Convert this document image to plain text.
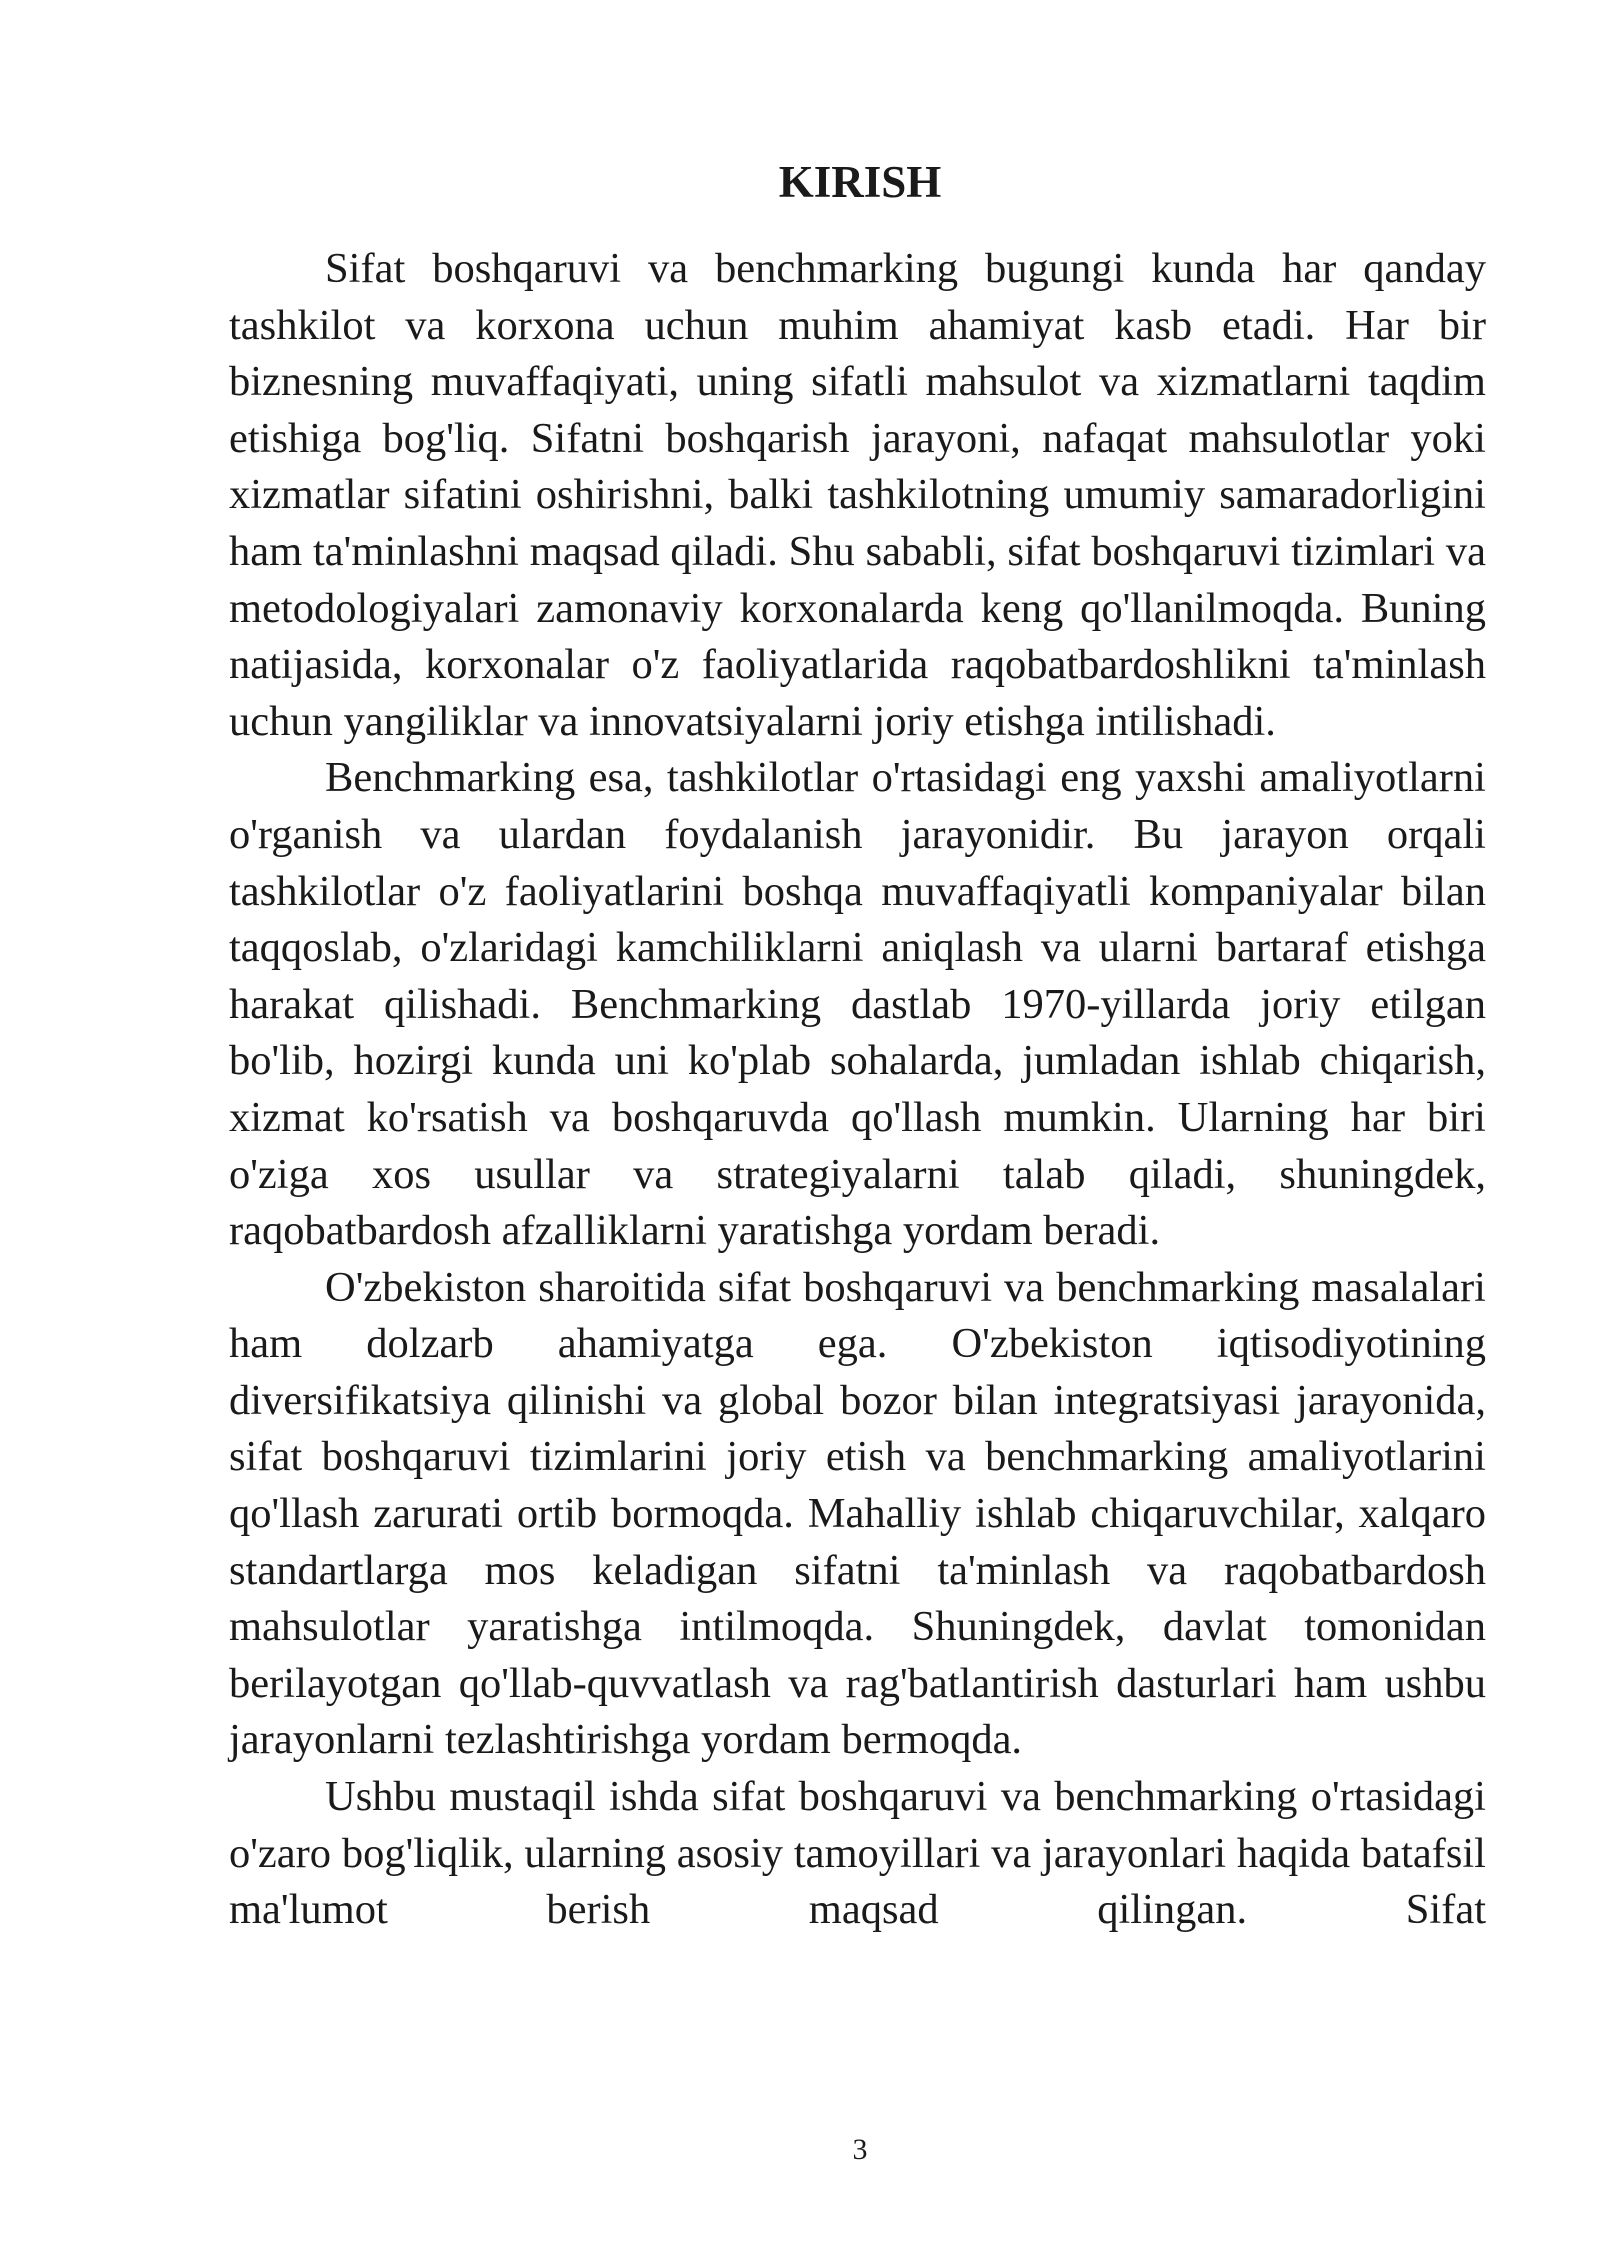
KIRISH

Sifat boshqaruvi va benchmarking bugungi kunda har qanday tashkilot va korxona uchun muhim ahamiyat kasb etadi. Har bir biznesning muvaffaqiyati, uning sifatli mahsulot va xizmatlarni taqdim etishiga bog'liq. Sifatni boshqarish jarayoni, nafaqat mahsulotlar yoki xizmatlar sifatini oshirishni, balki tashkilotning umumiy samaradorligini ham ta'minlashni maqsad qiladi. Shu sababli, sifat boshqaruvi tizimlari va metodologiyalari zamonaviy korxonalarda keng qo'llanilmoqda. Buning natijasida, korxonalar o'z faoliyatlarida raqobatbardoshlikni ta'minlash uchun yangiliklar va innovatsiyalarni joriy etishga intilishadi.

Benchmarking esa, tashkilotlar o'rtasidagi eng yaxshi amaliyotlarni o'rganish va ulardan foydalanish jarayonidir. Bu jarayon orqali tashkilotlar o'z faoliyatlarini boshqa muvaffaqiyatli kompaniyalar bilan taqqoslab, o'zlaridagi kamchiliklarni aniqlash va ularni bartaraf etishga harakat qilishadi. Benchmarking dastlab 1970-yillarda joriy etilgan bo'lib, hozirgi kunda uni ko'plab sohalarda, jumladan ishlab chiqarish, xizmat ko'rsatish va boshqaruvda qo'llash mumkin. Ularning har biri o'ziga xos usullar va strategiyalarni talab qiladi, shuningdek, raqobatbardosh afzalliklarni yaratishga yordam beradi.

O'zbekiston sharoitida sifat boshqaruvi va benchmarking masalalari ham dolzarb ahamiyatga ega. O'zbekiston iqtisodiyotining diversifikatsiya qilinishi va global bozor bilan integratsiyasi jarayonida, sifat boshqaruvi tizimlarini joriy etish va benchmarking amaliyotlarini qo'llash zarurati ortib bormoqda. Mahalliy ishlab chiqaruvchilar, xalqaro standartlarga mos keladigan sifatni ta'minlash va raqobatbardosh mahsulotlar yaratishga intilmoqda. Shuningdek, davlat tomonidan berilayotgan qo'llab-quvvatlash va rag'batlantirish dasturlari ham ushbu jarayonlarni tezlashtirishga yordam bermoqda.

Ushbu mustaqil ishda sifat boshqaruvi va benchmarking o'rtasidagi o'zaro bog'liqlik, ularning asosiy tamoyillari va jarayonlari haqida batafsil ma'lumot berish maqsad qilingan. Sifat

3
